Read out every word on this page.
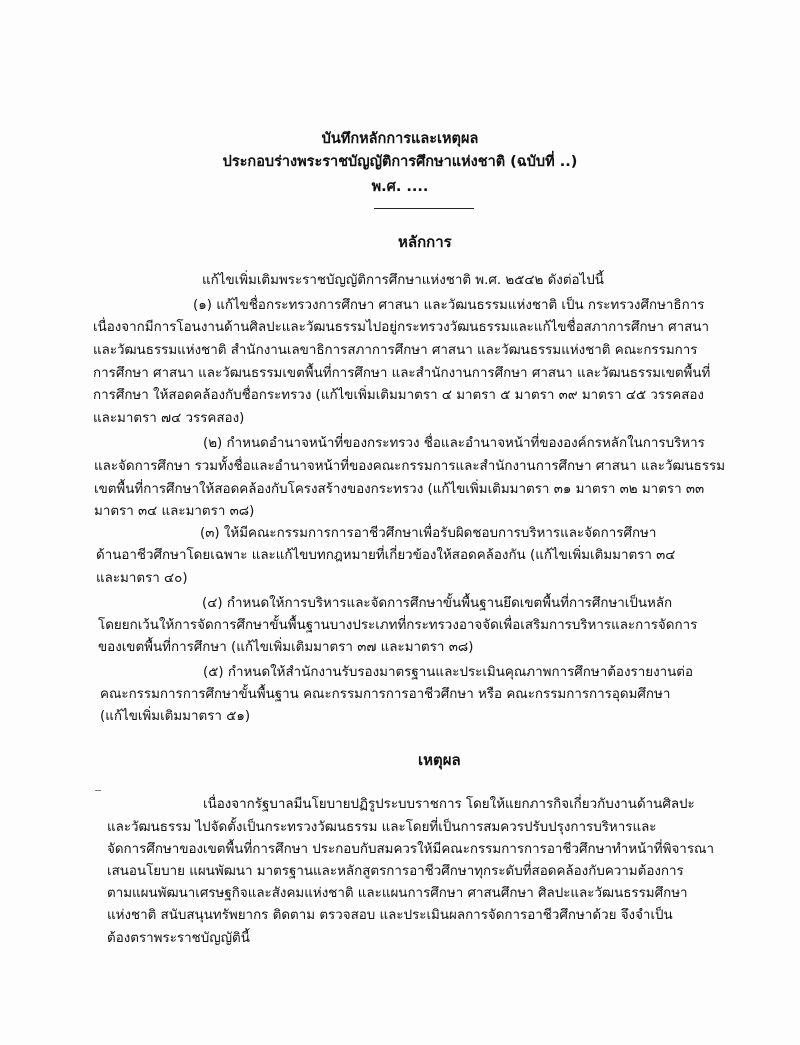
บันทึกหลักการและเหตุผล
ประกอบร่างพระราชบัญญัติการศึกษาแห่งชาติ (ฉบับที่ ..)
พ.ศ. ....
หลักการ
แก้ไขเพิ่มเติมพระราชบัญญัติการศึกษาแห่งชาติ พ.ศ. ๒๕๔๒ ดังต่อไปนี้
(๑) แก้ไขชื่อกระทรวงการศึกษา ศาสนา และวัฒนธรรมแห่งชาติ เป็น กระทรวงศึกษาธิการ
เนื่องจากมีการโอนงานด้านศิลปะและวัฒนธรรมไปอยู่กระทรวงวัฒนธรรมและแก้ไขชื่อสภาการศึกษา ศาสนา
และวัฒนธรรมแห่งชาติ สำนักงานเลขาธิการสภาการศึกษา ศาสนา และวัฒนธรรมแห่งชาติ คณะกรรมการ
การศึกษา ศาสนา และวัฒนธรรมเขตพื้นที่การศึกษา และสำนักงานการศึกษา ศาสนา และวัฒนธรรมเขตพื้นที่
การศึกษา ให้สอดคล้องกับชื่อกระทรวง (แก้ไขเพิ่มเติมมาตรา ๔ มาตรา ๕ มาตรา ๓๙ มาตรา ๔๕ วรรคสอง
และมาตรา ๗๔ วรรคสอง)
(๒) กำหนดอำนาจหน้าที่ของกระทรวง ชื่อและอำนาจหน้าที่ขององค์กรหลักในการบริหาร
และจัดการศึกษา รวมทั้งชื่อและอำนาจหน้าที่ของคณะกรรมการและสำนักงานการศึกษา ศาสนา และวัฒนธรรม
เขตพื้นที่การศึกษาให้สอดคล้องกับโครงสร้างของกระทรวง (แก้ไขเพิ่มเติมมาตรา ๓๑ มาตรา ๓๒ มาตรา ๓๓
มาตรา ๓๔ และมาตรา ๓๘)
(๓) ให้มีคณะกรรมการการอาชีวศึกษาเพื่อรับผิดชอบการบริหารและจัดการศึกษา
ด้านอาชีวศึกษาโดยเฉพาะ และแก้ไขบทกฎหมายที่เกี่ยวข้องให้สอดคล้องกัน (แก้ไขเพิ่มเติมมาตรา ๓๔
และมาตรา ๔๐)
(๔) กำหนดให้การบริหารและจัดการศึกษาขั้นพื้นฐานยึดเขตพื้นที่การศึกษาเป็นหลัก
โดยยกเว้นให้การจัดการศึกษาขั้นพื้นฐานบางประเภทที่กระทรวงอาจจัดเพื่อเสริมการบริหารและการจัดการ
ของเขตพื้นที่การศึกษา (แก้ไขเพิ่มเติมมาตรา ๓๗ และมาตรา ๓๘)
(๕) กำหนดให้สำนักงานรับรองมาตรฐานและประเมินคุณภาพการศึกษาต้องรายงานต่อ
คณะกรรมการการศึกษาขั้นพื้นฐาน คณะกรรมการการอาชีวศึกษา หรือ คณะกรรมการการอุดมศึกษา
(แก้ไขเพิ่มเติมมาตรา ๕๑)
เหตุผล
เนื่องจากรัฐบาลมีนโยบายปฏิรูประบบราชการ โดยให้แยกภารกิจเกี่ยวกับงานด้านศิลปะ
และวัฒนธรรม ไปจัดตั้งเป็นกระทรวงวัฒนธรรม และโดยที่เป็นการสมควรปรับปรุงการบริหารและ
จัดการศึกษาของเขตพื้นที่การศึกษา ประกอบกับสมควรให้มีคณะกรรมการการอาชีวศึกษาทำหน้าที่พิจารณา
เสนอนโยบาย แผนพัฒนา มาตรฐานและหลักสูตรการอาชีวศึกษาทุกระดับที่สอดคล้องกับความต้องการ
ตามแผนพัฒนาเศรษฐกิจและสังคมแห่งชาติ และแผนการศึกษา ศาสนศึกษา ศิลปะและวัฒนธรรมศึกษา
แห่งชาติ สนับสนุนทรัพยากร ติดตาม ตรวจสอบ และประเมินผลการจัดการอาชีวศึกษาด้วย จึงจำเป็น
ต้องตราพระราชบัญญัตินี้
